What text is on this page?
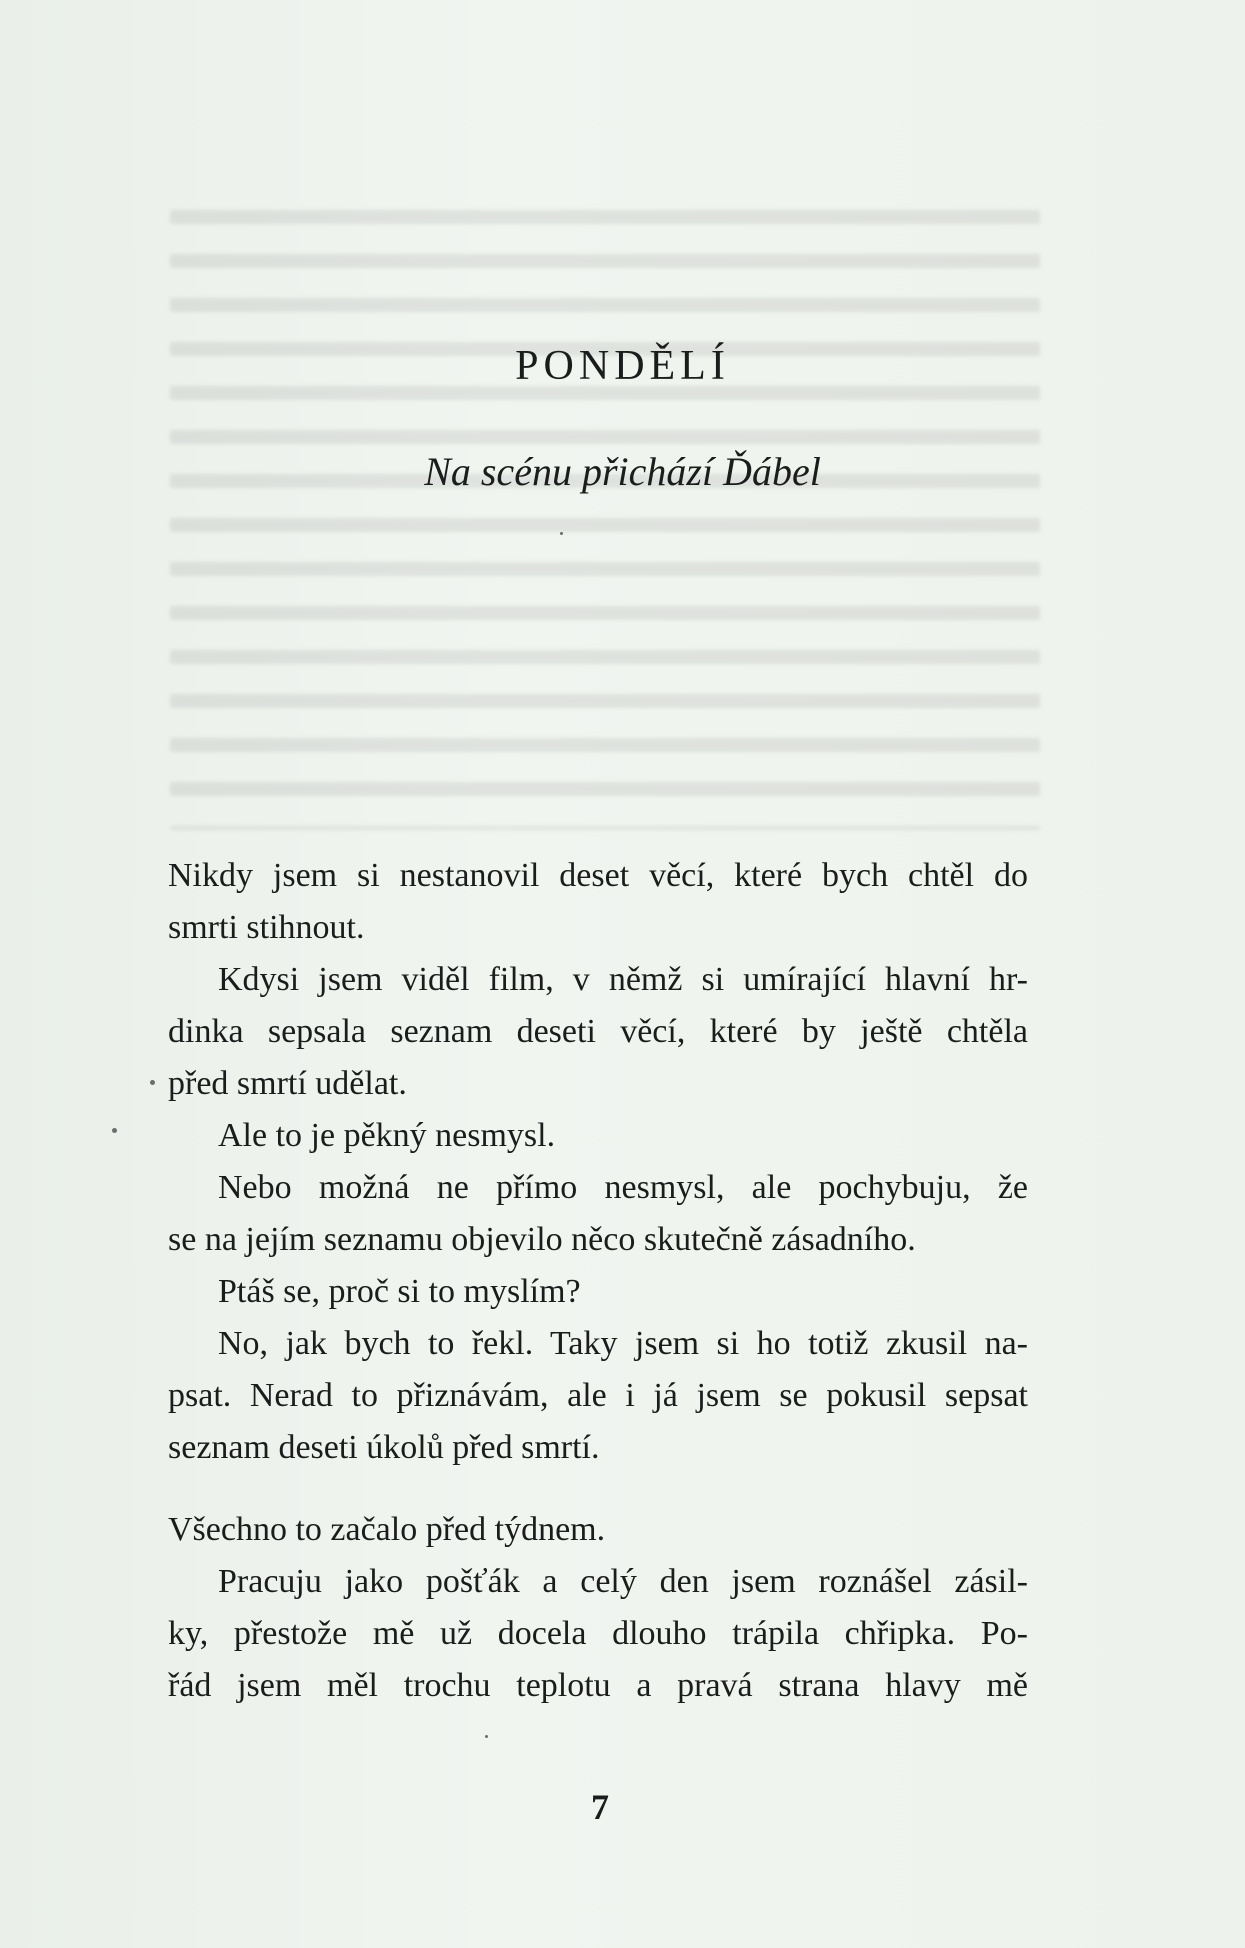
PONDĚLÍ
Na scénu přichází Ďábel
Nikdy jsem si nestanovil deset věcí, které bych chtěl do
smrti stihnout.
Kdysi jsem viděl film, v němž si umírající hlavní hr-
dinka sepsala seznam deseti věcí, které by ještě chtěla
před smrtí udělat.
Ale to je pěkný nesmysl.
Nebo možná ne přímo nesmysl, ale pochybuju, že
se na jejím seznamu objevilo něco skutečně zásadního.
Ptáš se, proč si to myslím?
No, jak bych to řekl. Taky jsem si ho totiž zkusil na-
psat. Nerad to přiznávám, ale i já jsem se pokusil sepsat
seznam deseti úkolů před smrtí.
Všechno to začalo před týdnem.
Pracuju jako pošťák a celý den jsem roznášel zásil-
ky, přestože mě už docela dlouho trápila chřipka. Po-
řád jsem měl trochu teplotu a pravá strana hlavy mě
7
